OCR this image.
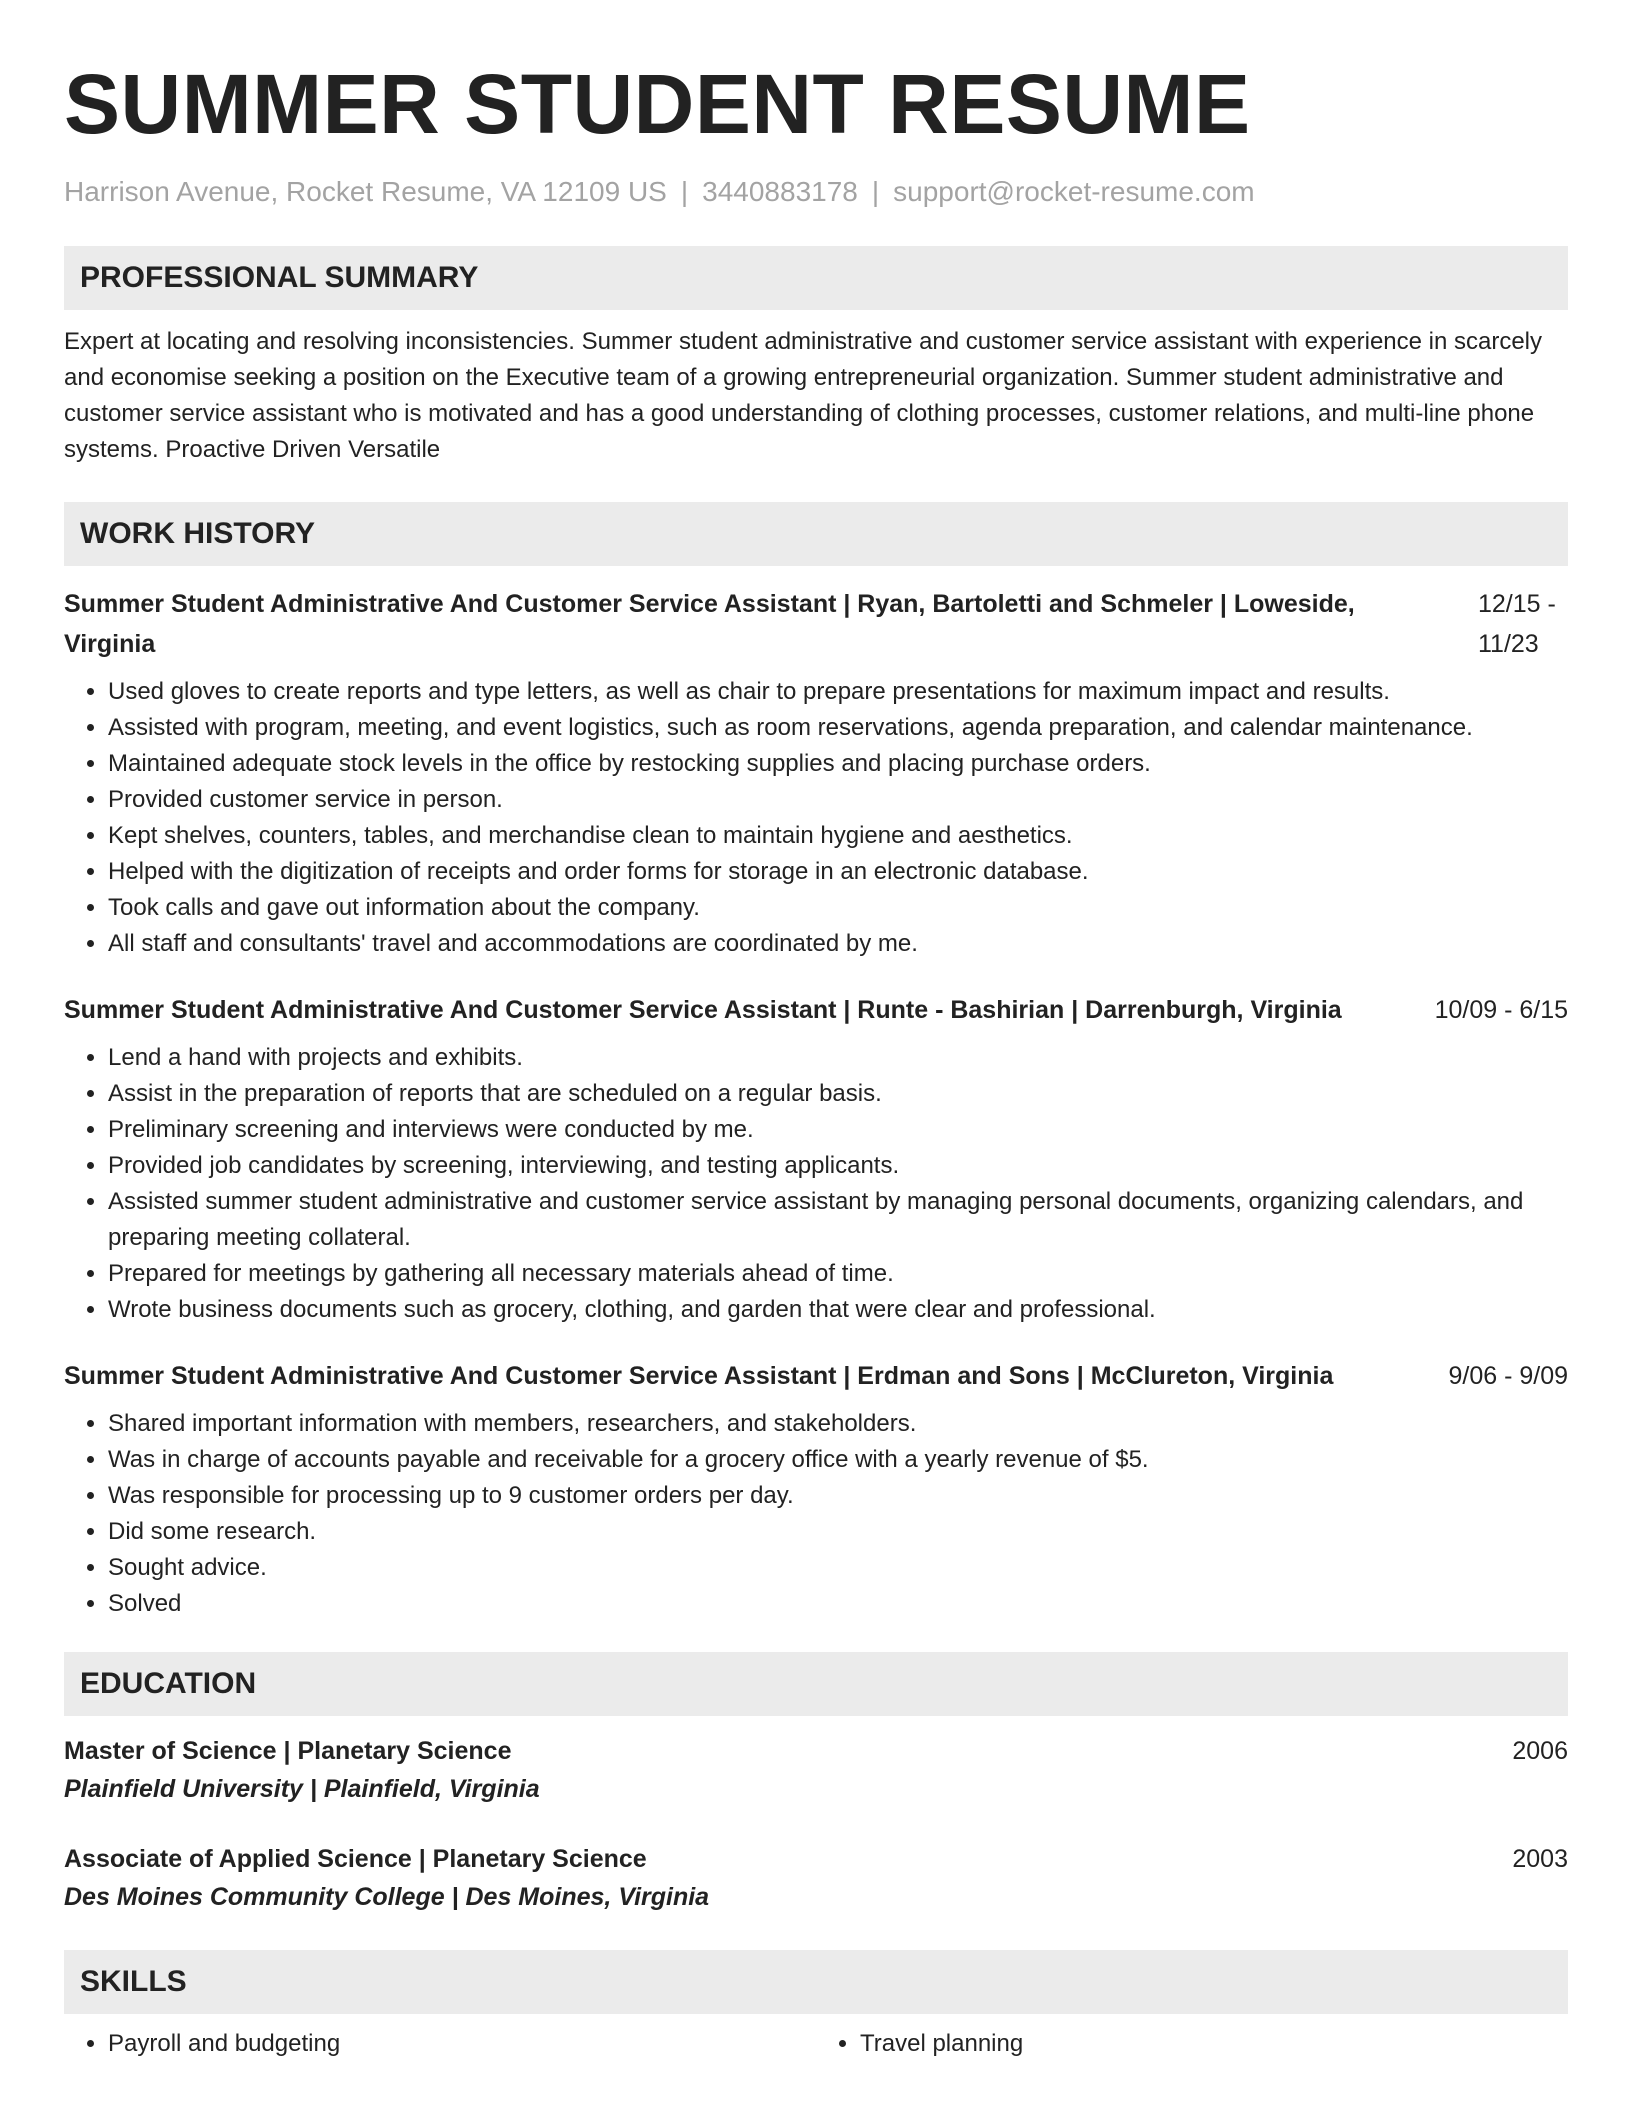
SUMMER STUDENT RESUME
Harrison Avenue, Rocket Resume, VA 12109 US | 3440883178 | support@rocket-resume.com
PROFESSIONAL SUMMARY
Expert at locating and resolving inconsistencies. Summer student administrative and customer service assistant with experience in scarcely and economise seeking a position on the Executive team of a growing entrepreneurial organization. Summer student administrative and customer service assistant who is motivated and has a good understanding of clothing processes, customer relations, and multi-line phone systems. Proactive Driven Versatile
WORK HISTORY
Summer Student Administrative And Customer Service Assistant | Ryan, Bartoletti and Schmeler | Loweside, Virginia
12/15 - 11/23
• Used gloves to create reports and type letters, as well as chair to prepare presentations for maximum impact and results.
• Assisted with program, meeting, and event logistics, such as room reservations, agenda preparation, and calendar maintenance.
• Maintained adequate stock levels in the office by restocking supplies and placing purchase orders.
• Provided customer service in person.
• Kept shelves, counters, tables, and merchandise clean to maintain hygiene and aesthetics.
• Helped with the digitization of receipts and order forms for storage in an electronic database.
• Took calls and gave out information about the company.
• All staff and consultants' travel and accommodations are coordinated by me.
Summer Student Administrative And Customer Service Assistant | Runte - Bashirian | Darrenburgh, Virginia	10/09 - 6/15
• Lend a hand with projects and exhibits.
• Assist in the preparation of reports that are scheduled on a regular basis.
• Preliminary screening and interviews were conducted by me.
• Provided job candidates by screening, interviewing, and testing applicants.
• Assisted summer student administrative and customer service assistant by managing personal documents, organizing calendars, and preparing meeting collateral.
• Prepared for meetings by gathering all necessary materials ahead of time.
• Wrote business documents such as grocery, clothing, and garden that were clear and professional.
Summer Student Administrative And Customer Service Assistant | Erdman and Sons | McClureton, Virginia	9/06 - 9/09
• Shared important information with members, researchers, and stakeholders.
• Was in charge of accounts payable and receivable for a grocery office with a yearly revenue of $5.
• Was responsible for processing up to 9 customer orders per day.
• Did some research.
• Sought advice.
• Solved
EDUCATION
Master of Science | Planetary Science	2006
Plainfield University | Plainfield, Virginia
Associate of Applied Science | Planetary Science	2003
Des Moines Community College | Des Moines, Virginia
SKILLS
• Payroll and budgeting
•	Travel planning
